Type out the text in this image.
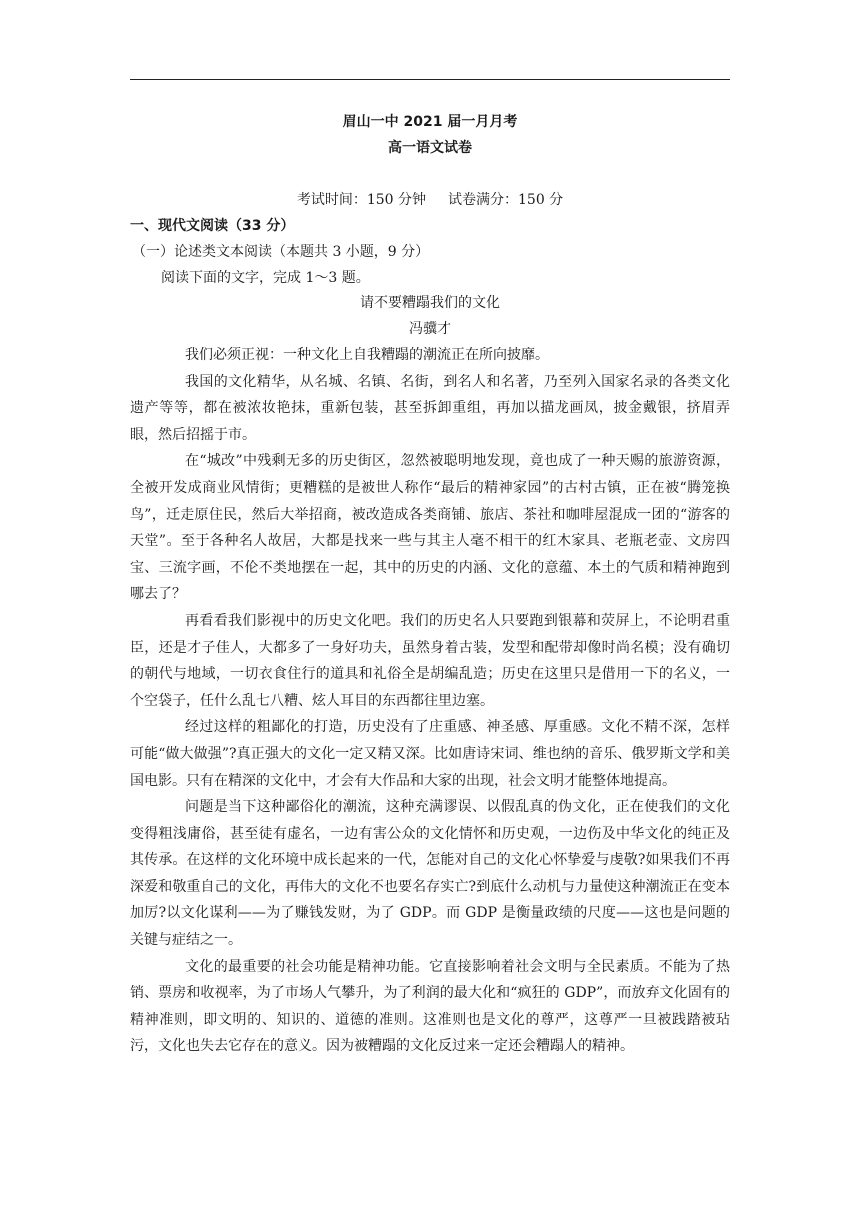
眉山一中 2021 届一月月考
高一语文试卷
考试时间：150 分钟 试卷满分：150 分
一、现代文阅读（33 分）
（一）论述类文本阅读（本题共 3 小题，9 分）
阅读下面的文字，完成 1～3 题。
请不要糟蹋我们的文化
冯骥才

我们必须正视：一种文化上自我糟蹋的潮流正在所向披靡。

我国的文化精华，从名城、名镇、名街，到名人和名著，乃至列入国家名录的各类文化遗产等等，都在被浓妆艳抹，重新包装，甚至拆卸重组，再加以描龙画凤，披金戴银，挤眉弄眼，然后招摇于市。

在“城改”中残剩无多的历史街区，忽然被聪明地发现，竟也成了一种天赐的旅游资源，全被开发成商业风情街；更糟糕的是被世人称作“最后的精神家园”的古村古镇，正在被“腾笼换鸟”，迁走原住民，然后大举招商，被改造成各类商铺、旅店、茶社和咖啡屋混成一团的“游客的天堂”。至于各种名人故居，大都是找来一些与其主人毫不相干的红木家具、老瓶老壶、文房四宝、三流字画，不伦不类地摆在一起，其中的历史的内涵、文化的意蕴、本土的气质和精神跑到哪去了？

再看看我们影视中的历史文化吧。我们的历史名人只要跑到银幕和荧屏上，不论明君重臣，还是才子佳人，大都多了一身好功夫，虽然身着古装，发型和配带却像时尚名模；没有确切的朝代与地域，一切衣食住行的道具和礼俗全是胡编乱造；历史在这里只是借用一下的名义，一个空袋子，任什么乱七八糟、炫人耳目的东西都往里边塞。

经过这样的粗鄙化的打造，历史没有了庄重感、神圣感、厚重感。文化不精不深，怎样可能“做大做强”?真正强大的文化一定又精又深。比如唐诗宋词、维也纳的音乐、俄罗斯文学和美国电影。只有在精深的文化中，才会有大作品和大家的出现，社会文明才能整体地提高。

问题是当下这种鄙俗化的潮流，这种充满谬误、以假乱真的伪文化，正在使我们的文化变得粗浅庸俗，甚至徒有虚名，一边有害公众的文化情怀和历史观，一边伤及中华文化的纯正及其传承。在这样的文化环境中成长起来的一代，怎能对自己的文化心怀挚爱与虔敬?如果我们不再深爱和敬重自己的文化，再伟大的文化不也要名存实亡?到底什么动机与力量使这种潮流正在变本加厉?以文化谋利——为了赚钱发财，为了 GDP。而 GDP 是衡量政绩的尺度——这也是问题的关键与症结之一。

文化的最重要的社会功能是精神功能。它直接影响着社会文明与全民素质。不能为了热销、票房和收视率，为了市场人气攀升，为了利润的最大化和“疯狂的 GDP”，而放弃文化固有的精神准则，即文明的、知识的、道德的准则。这准则也是文化的尊严，这尊严一旦被践踏被玷污，文化也失去它存在的意义。因为被糟蹋的文化反过来一定还会糟蹋人的精神。
